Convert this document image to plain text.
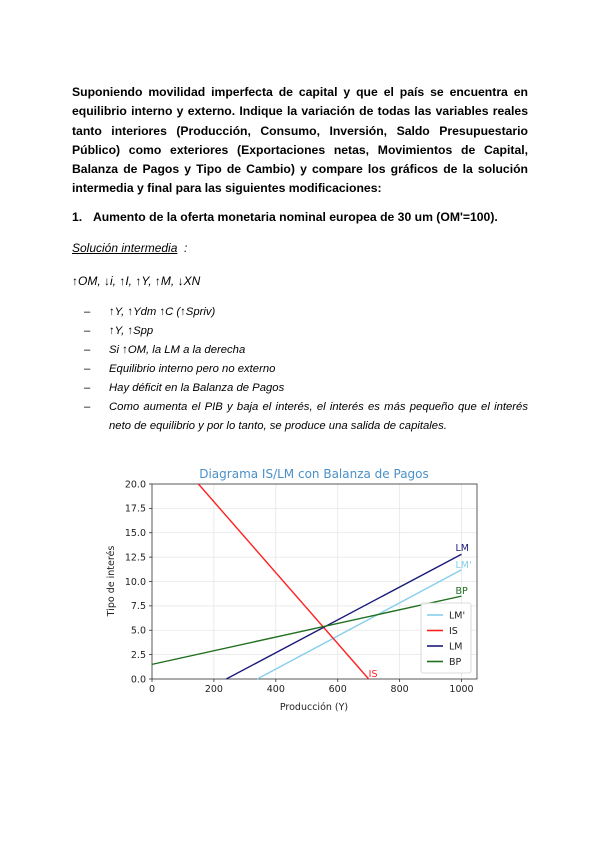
Suponiendo movilidad imperfecta de capital y que el país se encuentra en equilibrio interno y externo. Indique la variación de todas las variables reales tanto interiores (Producción, Consumo, Inversión, Saldo Presupuestario Público) como exteriores (Exportaciones netas, Movimientos de Capital, Balanza de Pagos y Tipo de Cambio) y compare los gráficos de la solución intermedia y final para las siguientes modificaciones:
1. Aumento de la oferta monetaria nominal europea de 30 um (OM'=100).
Solución intermedia :
↑OM, ↓i, ↑I, ↑Y, ↑M, ↓XN
– ↑Y, ↑Ydm ↑C (↑Spriv)
– ↑Y, ↑Spp
– Si ↑OM, la LM a la derecha
– Equilibrio interno pero no externo
– Hay déficit en la Balanza de Pagos
– Como aumenta el PIB y baja el interés, el interés es más pequeño que el interés neto de equilibrio y por lo tanto, se produce una salida de capitales.
Diagrama IS/LM con Balanza de Pagos
0	200	400	600	800	1000
0.0
2.5
5.0
7.5
10.0
12.5
15.0
17.5
20.0
LM'
IS
LM
BP
LM'
IS
LM
BP
Producción (Y)
Tipo de interés
